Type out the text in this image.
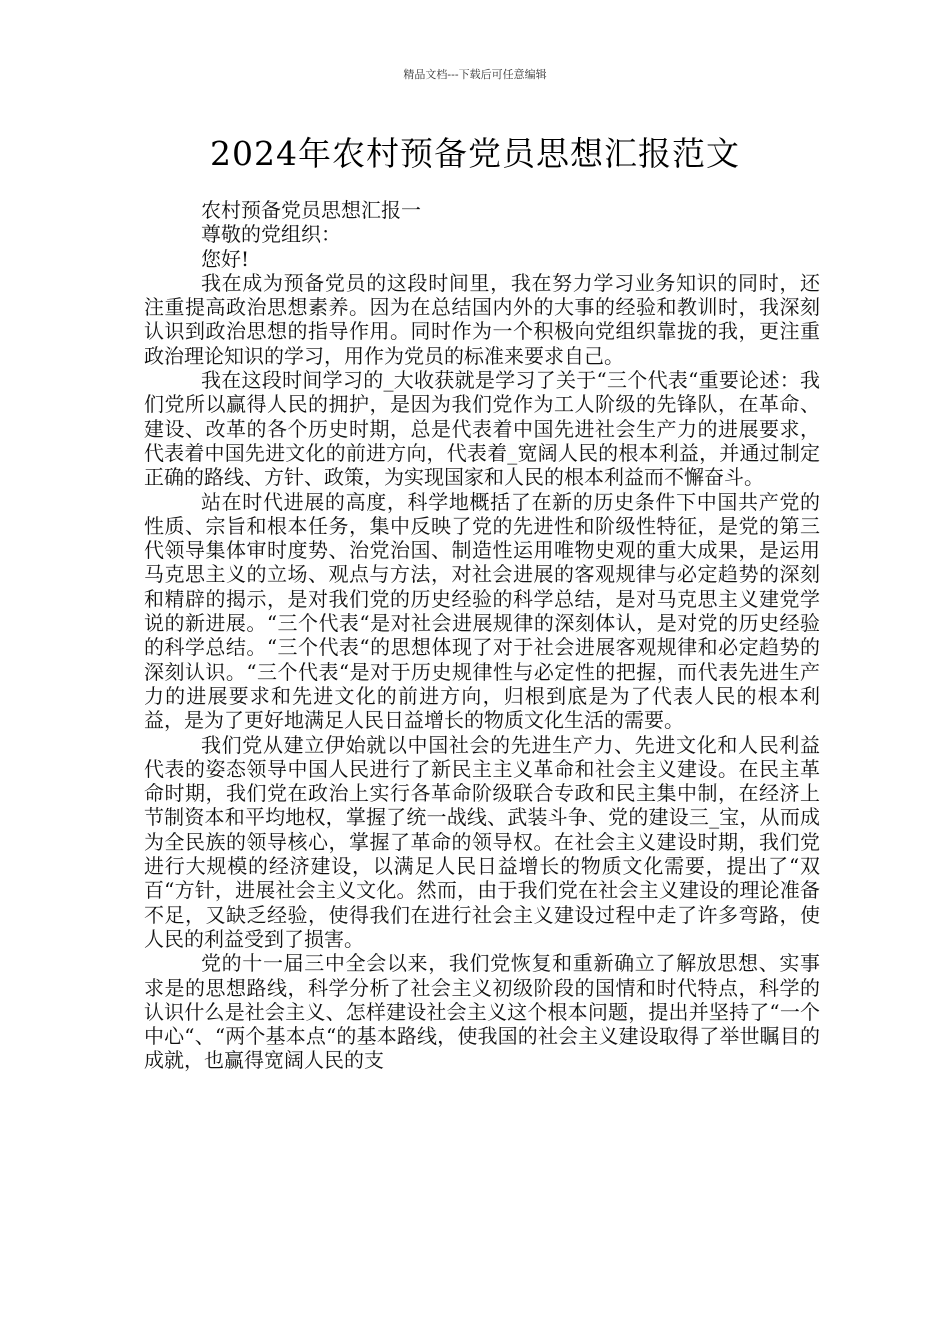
精品文档---下载后可任意编辑
2024年农村预备党员思想汇报范文

农村预备党员思想汇报一

尊敬的党组织：

您好!

我在成为预备党员的这段时间里，我在努力学习业务知识的同时，还注重提高政治思想素养。因为在总结国内外的大事的经验和教训时，我深刻认识到政治思想的指导作用。同时作为一个积极向党组织靠拢的我，更注重政治理论知识的学习，用作为党员的标准来要求自己。

我在这段时间学习的_大收获就是学习了关于“三个代表“重要论述：我们党所以赢得人民的拥护，是因为我们党作为工人阶级的先锋队，在革命、建设、改革的各个历史时期，总是代表着中国先进社会生产力的进展要求，代表着中国先进文化的前进方向，代表着_宽阔人民的根本利益，并通过制定正确的路线、方针、政策，为实现国家和人民的根本利益而不懈奋斗。

站在时代进展的高度，科学地概括了在新的历史条件下中国共产党的性质、宗旨和根本任务，集中反映了党的先进性和阶级性特征，是党的第三代领导集体审时度势、治党治国、制造性运用唯物史观的重大成果，是运用马克思主义的立场、观点与方法，对社会进展的客观规律与必定趋势的深刻和精辟的揭示，是对我们党的历史经验的科学总结，是对马克思主义建党学说的新进展。“三个代表“是对社会进展规律的深刻体认，是对党的历史经验的科学总结。“三个代表“的思想体现了对于社会进展客观规律和必定趋势的深刻认识。“三个代表“是对于历史规律性与必定性的把握，而代表先进生产力的进展要求和先进文化的前进方向，归根到底是为了代表人民的根本利益，是为了更好地满足人民日益增长的物质文化生活的需要。

我们党从建立伊始就以中国社会的先进生产力、先进文化和人民利益代表的姿态领导中国人民进行了新民主主义革命和社会主义建设。在民主革命时期，我们党在政治上实行各革命阶级联合专政和民主集中制，在经济上节制资本和平均地权，掌握了统一战线、武装斗争、党的建设三_宝，从而成为全民族的领导核心，掌握了革命的领导权。在社会主义建设时期，我们党进行大规模的经济建设，以满足人民日益增长的物质文化需要，提出了“双百“方针，进展社会主义文化。然而，由于我们党在社会主义建设的理论准备不足，又缺乏经验，使得我们在进行社会主义建设过程中走了许多弯路，使人民的利益受到了损害。

党的十一届三中全会以来，我们党恢复和重新确立了解放思想、实事求是的思想路线，科学分析了社会主义初级阶段的国情和时代特点，科学的认识什么是社会主义、怎样建设社会主义这个根本问题，提出并坚持了“一个中心“、“两个基本点“的基本路线，使我国的社会主义建设取得了举世瞩目的成就，也赢得宽阔人民的支
